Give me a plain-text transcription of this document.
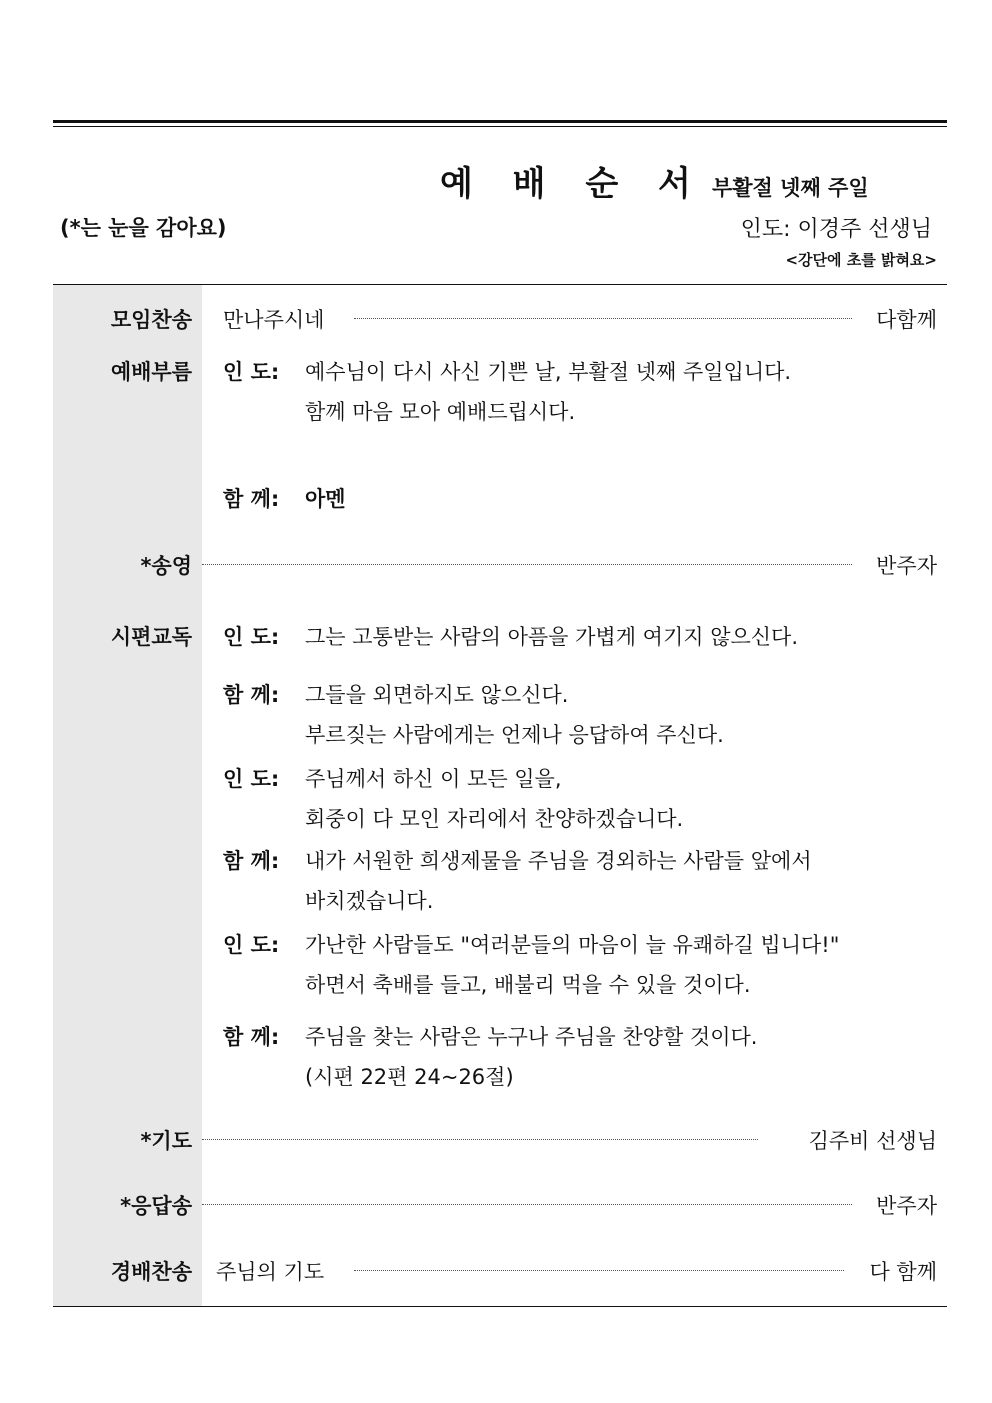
예 배 순 서 부활절 넷째 주일
(*는 눈을 감아요)	인도: 이경주 선생님
<강단에 초를 밝혀요>
모임찬송 만나주시네	다함께
예배부름 인 도:	예수님이 다시 사신 기쁜 날, 부활절 넷째 주일입니다.
함께 마음 모아 예배드립시다.
함 께:	아멘
*송영	반주자
시편교독 인 도:	그는 고통받는 사람의 아픔을 가볍게 여기지 않으신다.
함 께:	그들을 외면하지도 않으신다.
부르짖는 사람에게는 언제나 응답하여 주신다.
인 도:	주님께서 하신 이 모든 일을,
회중이 다 모인 자리에서 찬양하겠습니다.
함 께:	내가 서원한 희생제물을 주님을 경외하는 사람들 앞에서
바치겠습니다.
인 도:	가난한 사람들도 "여러분들의 마음이 늘 유쾌하길 빕니다!"
하면서 축배를 들고, 배불리 먹을 수 있을 것이다.
함 께:	주님을 찾는 사람은 누구나 주님을 찬양할 것이다.
(시편 22편 24~26절)
*기도	김주비 선생님
*응답송	반주자
경배찬송 주님의 기도	다 함께
